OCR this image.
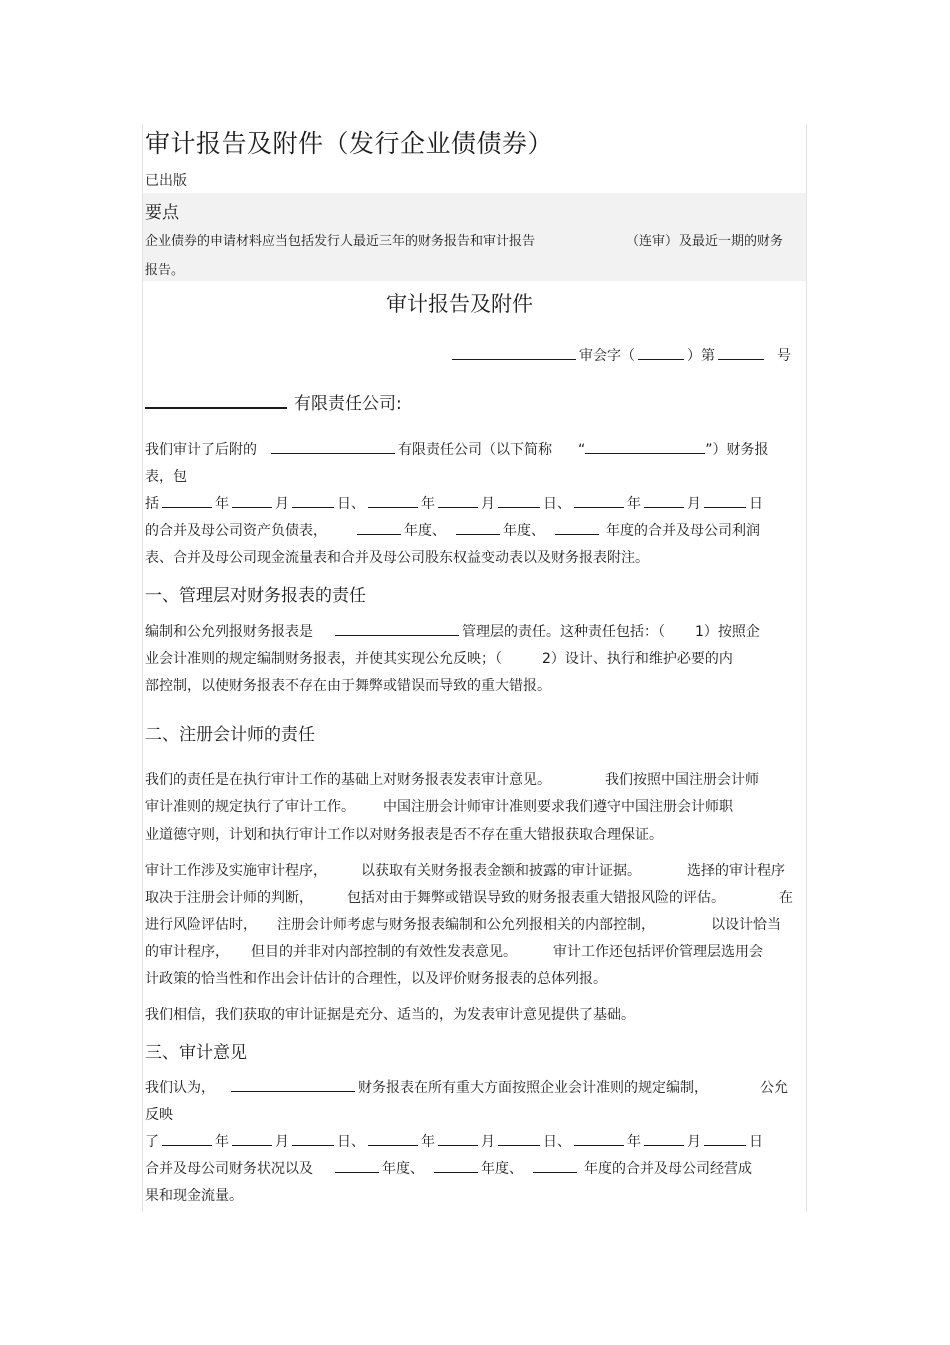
审计报告及附件（发行企业债债券）
已出版
要点
企业债券的申请材料应当包括发行人最近三年的财务报告和审计报告	（连审） 及最近一期的财务
报告。
审计报告及附件
审会字（	）第	号
有限责任公司:
我们审计了后附的	有限责任公司（以下简称 “	”）财务报
表，包
括	年	月	日、	年	月	日、	年	月	日
的合并及母公司资产负债表，	年度、	年度、	年度的合并及母公司利润
表、合并及母公司现金流量表和合并及母公司股东权益变动表以及财务报表附注。
一、管理层对财务报表的责任
编制和公允列报财务报表是	管理层的责任。这种责任包括：（ 1）按照企
业会计准则的规定编制财务报表，并使其实现公允反映；（	2）设计、执行和维护必要的内
部控制，以使财务报表不存在由于舞弊或错误而导致的重大错报。
二、注册会计师的责任
我们的责任是在执行审计工作的基础上对财务报表发表审计意见。	我们按照中国注册会计师
审计准则的规定执行了审计工作。 中国注册会计师审计准则要求我们遵守中国注册会计师职
业道德守则，计划和执行审计工作以对财务报表是否不存在重大错报获取合理保证。
审计工作涉及实施审计程序， 以获取有关财务报表金额和披露的审计证据。	选择的审计程序
取决于注册会计师的判断， 包括对由于舞弊或错误导致的财务报表重大错报风险的评估。	在
进行风险评估时， 注册会计师考虑与财务报表编制和公允列报相关的内部控制，	以设计恰当
的审计程序， 但目的并非对内部控制的有效性发表意见。	审计工作还包括评价管理层选用会
计政策的恰当性和作出会计估计的合理性，以及评价财务报表的总体列报。
我们相信，我们获取的审计证据是充分、适当的，为发表审计意见提供了基础。
三、审计意见
我们认为，	财务报表在所有重大方面按照企业会计准则的规定编制，	公允
反映
了	年	月	日、	年	月	日、	年	月	日
合并及母公司财务状况以及	年度、	年度、	年度的合并及母公司经营成
果和现金流量。
